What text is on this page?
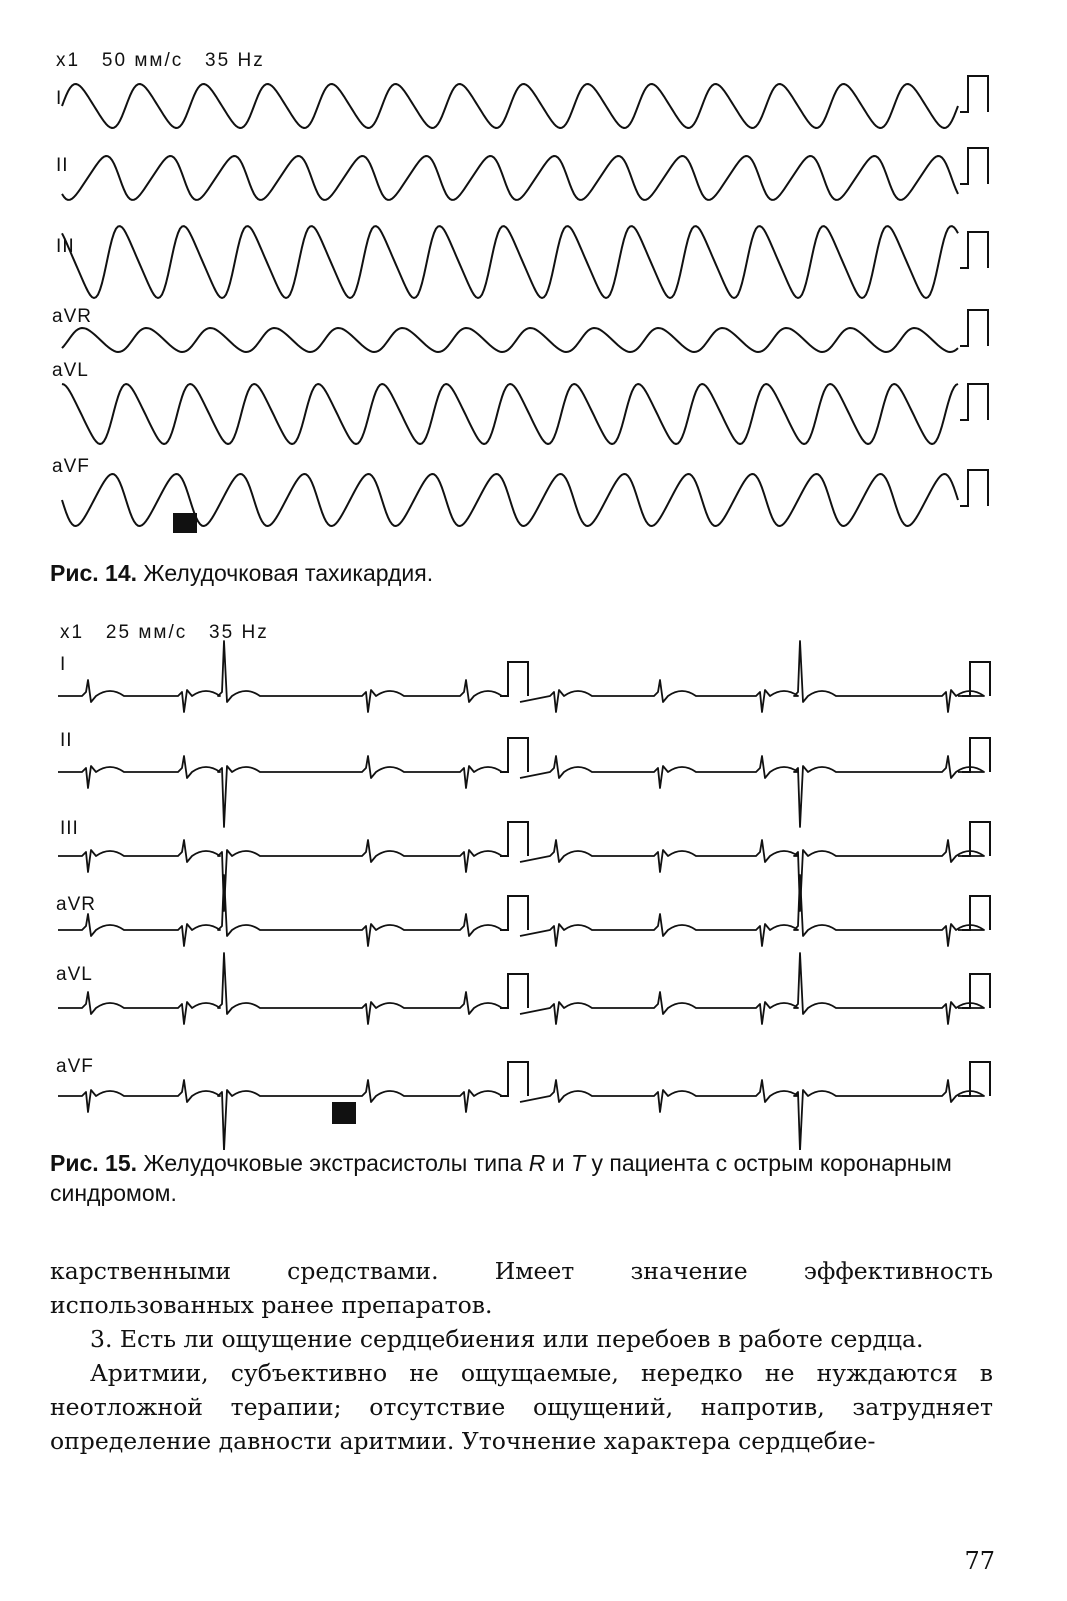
x1   50 мм/с   35 Hz
I
II
III
aVR
aVL
aVF
Рис. 14. Желудочковая тахикардия.
x1   25 мм/с   35 Hz
I
II
III
aVR
aVL
aVF
Рис. 15. Желудочковые экстрасистолы типа R и T у пациента с острым коронарным синдромом.

карственными средствами. Имеет значение эффективность использованных ранее препаратов.

3. Есть ли ощущение сердцебиения или перебоев в работе сердца.

Аритмии, субъективно не ощущаемые, нередко не нуждаются в неотложной терапии; отсутствие ощущений, напротив, затрудняет определение давности аритмии. Уточнение характера сердцебие-

77
